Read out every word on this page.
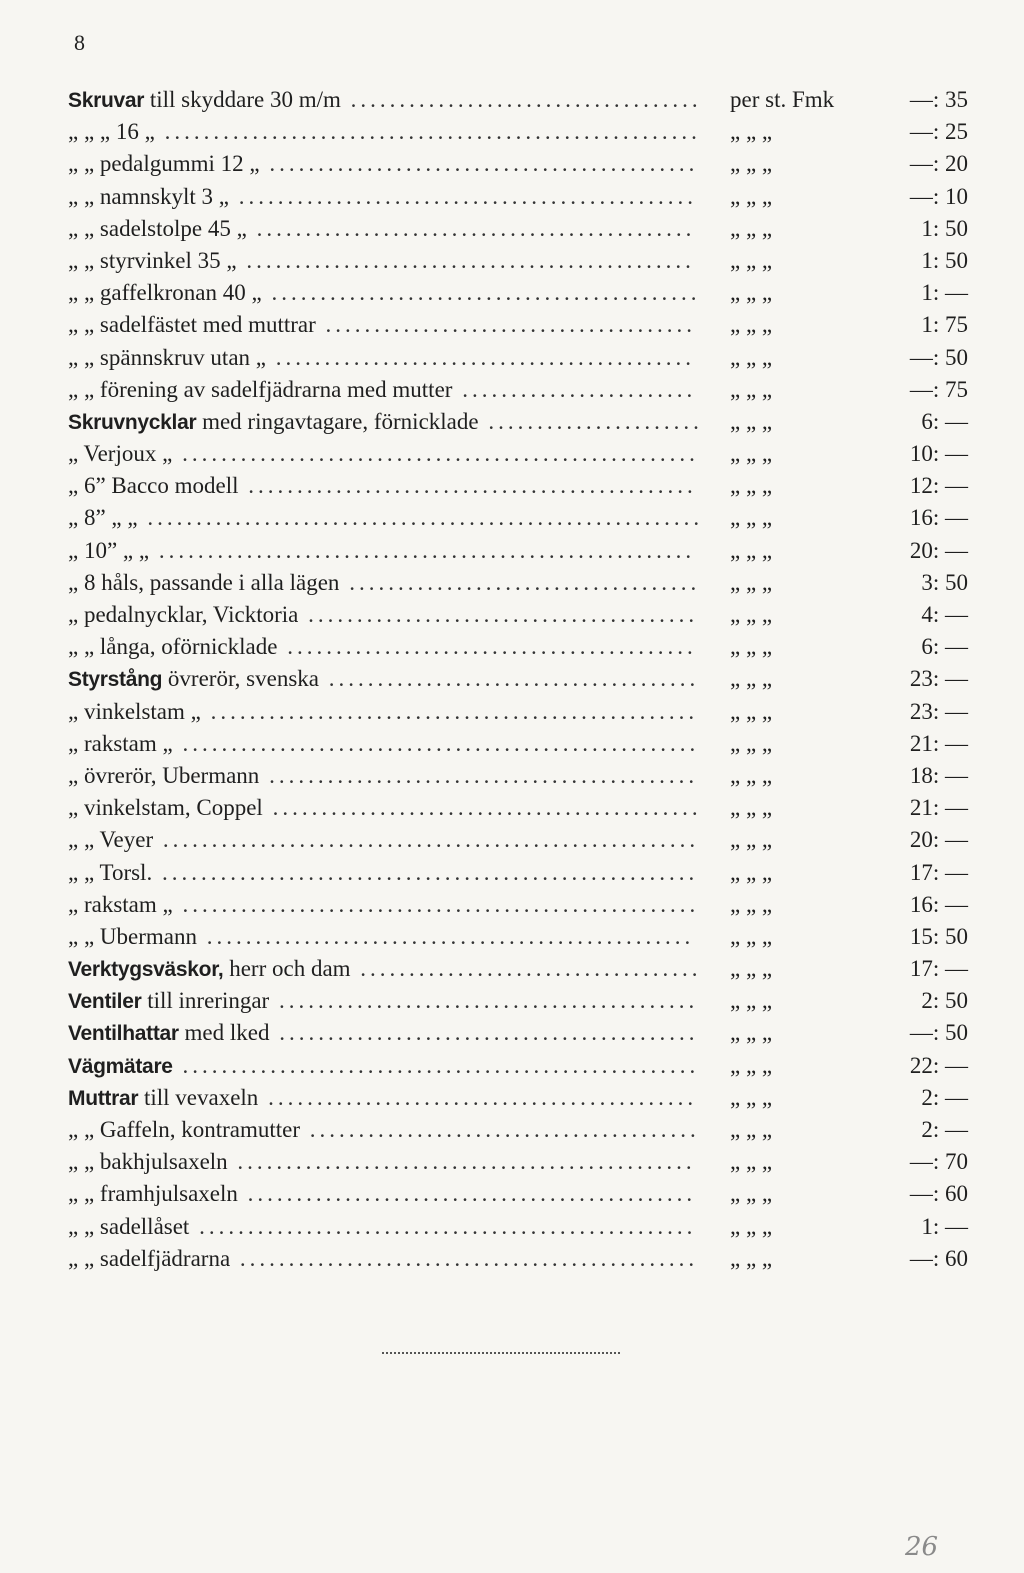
8
Skruvar till skyddare 30 m/m .................................... per st. Fmk	—: 35
„ „ „ 16 „ ....................................................... „ „ „	—: 25
„ „ pedalgummi 12 „ ............................................ „ „ „	—: 20
„ „ namnskylt 3 „ ............................................... „ „ „	—: 10
„ „ sadelstolpe 45 „ ............................................. „ „ „	1: 50
„ „ styrvinkel 35 „ .............................................. „ „ „	1: 50
„ „ gaffelkronan 40 „ ............................................ „ „ „	1: —
„ „ sadelfästet med muttrar ...................................... „ „ „	1: 75
„ „ spännskruv utan „ ........................................... „ „ „	—: 50
„ „ förening av sadelfjädrarna med mutter ........................ „ „ „	—: 75
Skruvnycklar med ringavtagare, förnicklade ...................... „ „ „	6: —
„ Verjoux „ ..................................................... „ „ „	10: —
„ 6” Bacco modell .............................................. „ „ „	12: —
„ 8” „ „ ......................................................... „ „ „	16: —
„ 10” „ „ ....................................................... „ „ „	20: —
„ 8 håls, passande i alla lägen .................................... „ „ „	3: 50
„ pedalnycklar, Vicktoria ........................................ „ „ „	4: —
„ „ långa, oförnicklade .......................................... „ „ „	6: —
Styrstång övrerör, svenska ...................................... „ „ „	23: —
„ vinkelstam „ .................................................. „ „ „	23: —
„ rakstam „ ..................................................... „ „ „	21: —
„ övrerör, Ubermann ............................................ „ „ „	18: —
„ vinkelstam, Coppel ............................................ „ „ „	21: —
„ „ Veyer ....................................................... „ „ „	20: —
„ „ Torsl. ....................................................... „ „ „	17: —
„ rakstam „ ..................................................... „ „ „	16: —
„ „ Ubermann .................................................. „ „ „	15: 50
Verktygsväskor, herr och dam ................................... „ „ „	17: —
Ventiler till inreringar ........................................... „ „ „	2: 50
Ventilhattar med lked ........................................... „ „ „	—: 50
Vägmätare ..................................................... „ „ „	22: —
Muttrar till vevaxeln ............................................ „ „ „	2: —
„ „ Gaffeln, kontramutter ........................................ „ „ „	2: —
„ „ bakhjulsaxeln ............................................... „ „ „	—: 70
„ „ framhjulsaxeln .............................................. „ „ „	—: 60
„ „ sadellåset ................................................... „ „ „	1: —
„ „ sadelfjädrarna ............................................... „ „ „	—: 60
26
